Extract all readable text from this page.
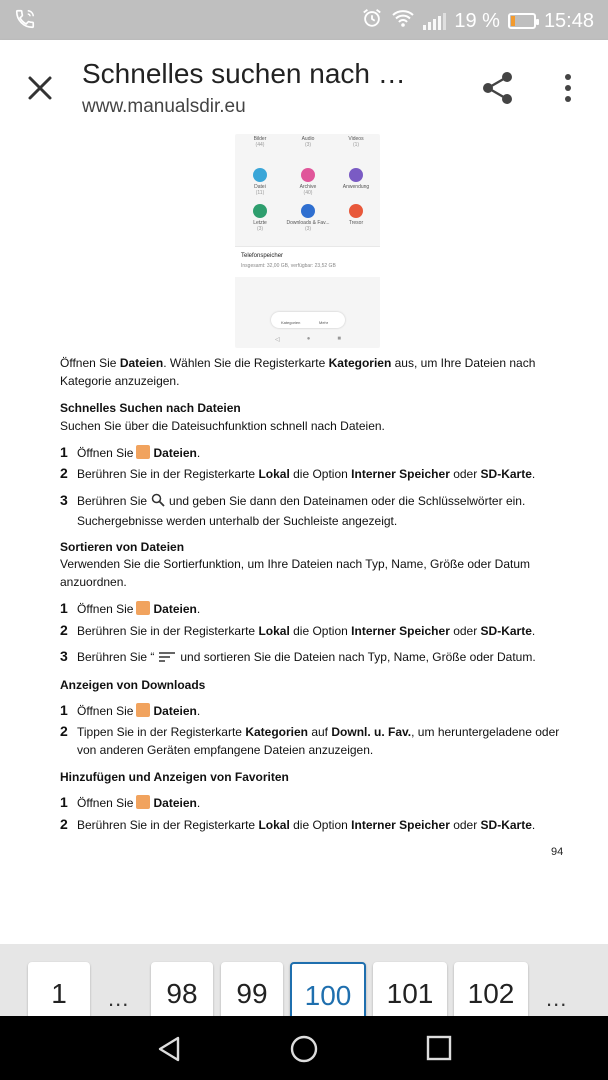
19 % 15:48
Schnelles suchen nach …
www.manualsdir.eu
Bilder
(44)
Audio
(3)
Videos
(1)
Datei
(11)
Archive
(40)
Anwendung
Letzte
(3)
Downloads & Fav...
(3)
Tresor
Telefonspeicher
Insgesamt: 32,00 GB, verfügbar: 23,52 GB
Kategorien	Mehr
◁	●	■
Öffnen Sie Dateien. Wählen Sie die Registerkarte Kategorien aus, um Ihre Dateien nach Kategorie anzuzeigen.
Schnelles Suchen nach Dateien
Suchen Sie über die Dateisuchfunktion schnell nach Dateien.
1 Öffnen Sie Dateien.
2 Berühren Sie in der Registerkarte Lokal die Option Interner Speicher oder SD-Karte.
3 Berühren Sie und geben Sie dann den Dateinamen oder die Schlüsselwörter ein. Suchergebnisse werden unterhalb der Suchleiste angezeigt.
Sortieren von Dateien
Verwenden Sie die Sortierfunktion, um Ihre Dateien nach Typ, Name, Größe oder Datum anzuordnen.
1 Öffnen Sie Dateien.
2 Berühren Sie in der Registerkarte Lokal die Option Interner Speicher oder SD-Karte.
3 Berühren Sie “ und sortieren Sie die Dateien nach Typ, Name, Größe oder Datum.
Anzeigen von Downloads
1 Öffnen Sie Dateien.
2 Tippen Sie in der Registerkarte Kategorien auf Downl. u. Fav., um heruntergeladene oder von anderen Geräten empfangene Dateien anzuzeigen.
Hinzufügen und Anzeigen von Favoriten
1 Öffnen Sie Dateien.
2 Berühren Sie in der Registerkarte Lokal die Option Interner Speicher oder SD-Karte.
94
1	...	98	99	100	101	102	...
